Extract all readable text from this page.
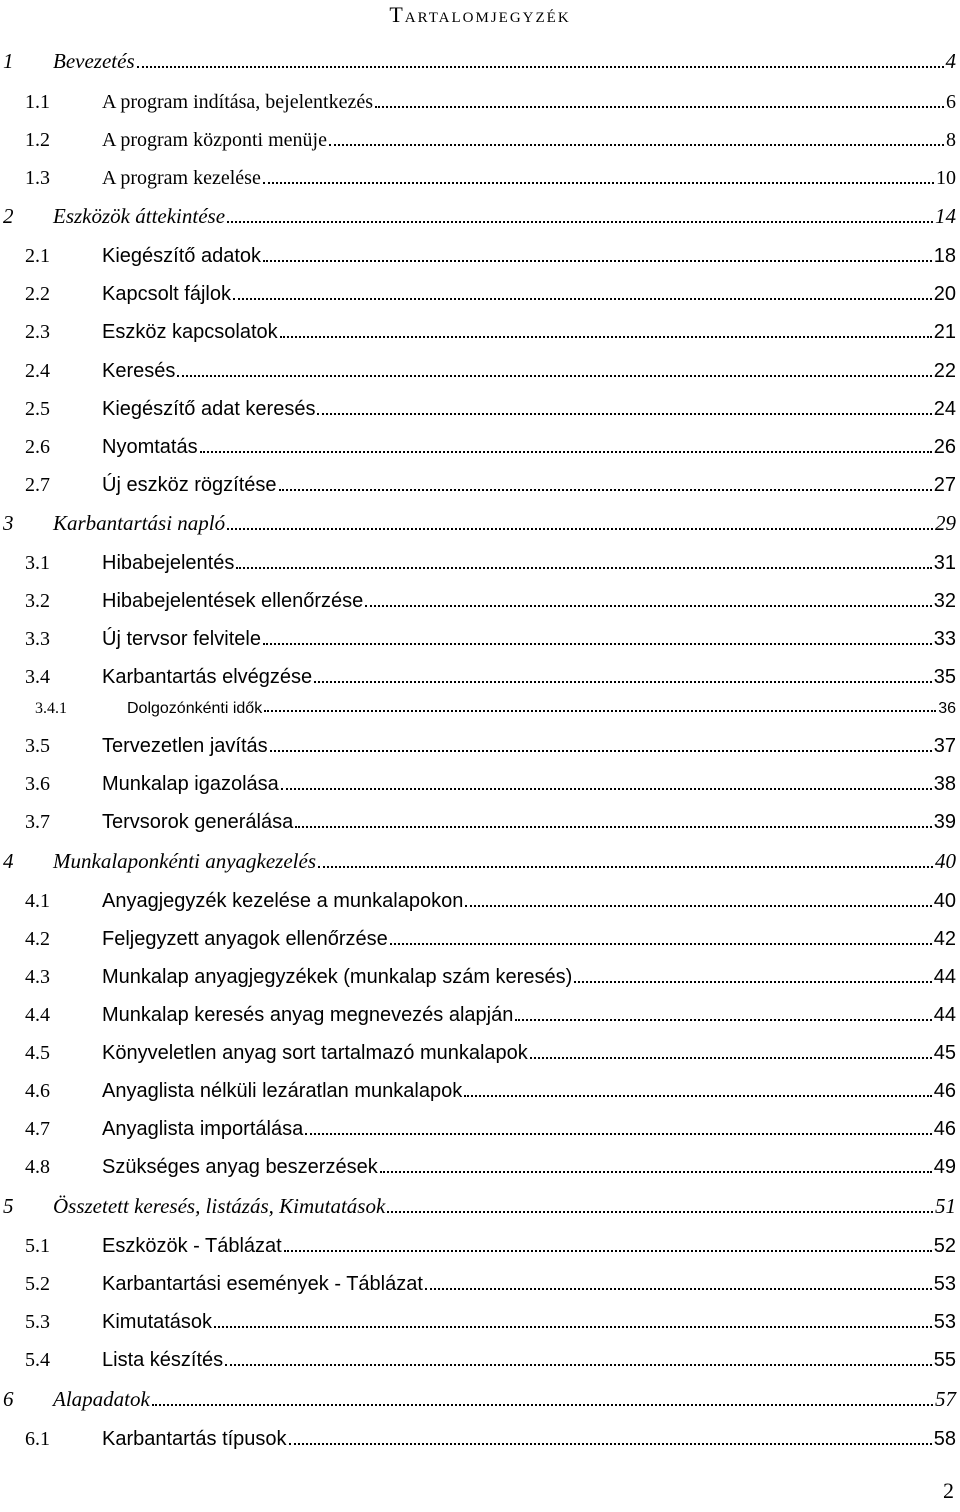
Tartalomjegyzék
1	Bevezetés	4
1.1	A program indítása, bejelentkezés	6
1.2	A program központi menüje	8
1.3	A program kezelése	10
2	Eszközök áttekintése	14
2.1	Kiegészítő adatok	18
2.2	Kapcsolt fájlok	20
2.3	Eszköz kapcsolatok	21
2.4	Keresés	22
2.5	Kiegészítő adat keresés	24
2.6	Nyomtatás	26
2.7	Új eszköz rögzítése	27
3	Karbantartási napló	29
3.1	Hibabejelentés	31
3.2	Hibabejelentések ellenőrzése	32
3.3	Új tervsor felvitele	33
3.4	Karbantartás elvégzése	35
3.4.1	Dolgozónkénti idők	36
3.5	Tervezetlen javítás	37
3.6	Munkalap igazolása	38
3.7	Tervsorok generálása	39
4	Munkalaponkénti anyagkezelés	40
4.1	Anyagjegyzék kezelése a munkalapokon	40
4.2	Feljegyzett anyagok ellenőrzése	42
4.3	Munkalap anyagjegyzékek (munkalap szám keresés)	44
4.4	Munkalap keresés anyag megnevezés alapján	44
4.5	Könyveletlen anyag sort tartalmazó munkalapok	45
4.6	Anyaglista nélküli lezáratlan munkalapok	46
4.7	Anyaglista importálása	46
4.8	Szükséges anyag beszerzések	49
5	Összetett keresés, listázás, Kimutatások	51
5.1	Eszközök - Táblázat	52
5.2	Karbantartási események - Táblázat	53
5.3	Kimutatások	53
5.4	Lista készítés	55
6	Alapadatok	57
6.1	Karbantartás típusok	58
2
